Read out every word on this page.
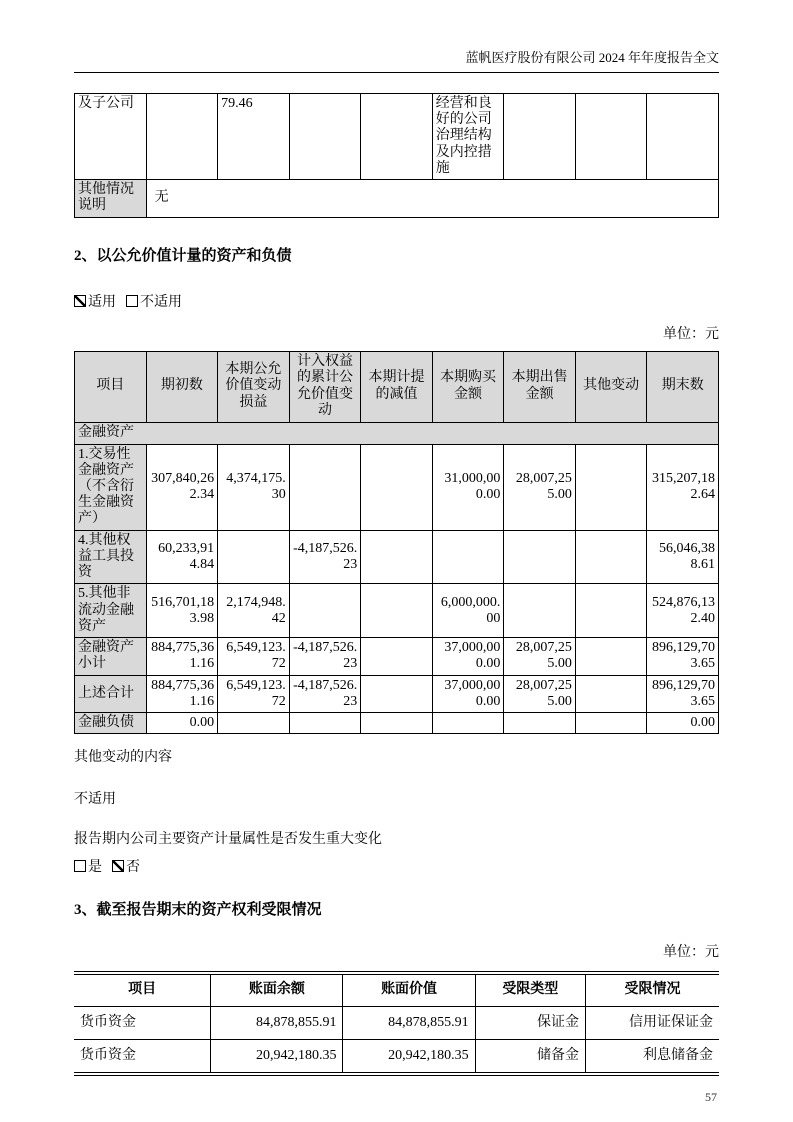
蓝帆医疗股份有限公司 2024 年年度报告全文
及子公司		79.46			经营和良好的公司治理结构及内控措施			
其他情况说明	无							
2、以公允价值计量的资产和负债

适用 不适用

单位：元

项目	期初数	本期公允价值变动损益	计入权益的累计公允价值变动	本期计提的减值	本期购买金额	本期出售金额	其他变动	期末数
金融资产								
1.交易性金融资产（不含衍生金融资产）	307,840,262.34	4,374,175.30			31,000,000.00	28,007,255.00		315,207,182.64
4.其他权益工具投资	60,233,914.84		-4,187,526.23					56,046,388.61
5.其他非流动金融资产	516,701,183.98	2,174,948.42			6,000,000.00			524,876,132.40
金融资产小计	884,775,361.16	6,549,123.72	-4,187,526.23		37,000,000.00	28,007,255.00		896,129,703.65
上述合计	884,775,361.16	6,549,123.72	-4,187,526.23		37,000,000.00	28,007,255.00		896,129,703.65
金融负债	0.00							0.00

其他变动的内容

不适用

报告期内公司主要资产计量属性是否发生重大变化

是 否

3、截至报告期末的资产权利受限情况

单位：元

项目	账面余额	账面价值	受限类型	受限情况
货币资金	84,878,855.91	84,878,855.91	保证金	信用证保证金
货币资金	20,942,180.35	20,942,180.35	储备金	利息储备金
57
